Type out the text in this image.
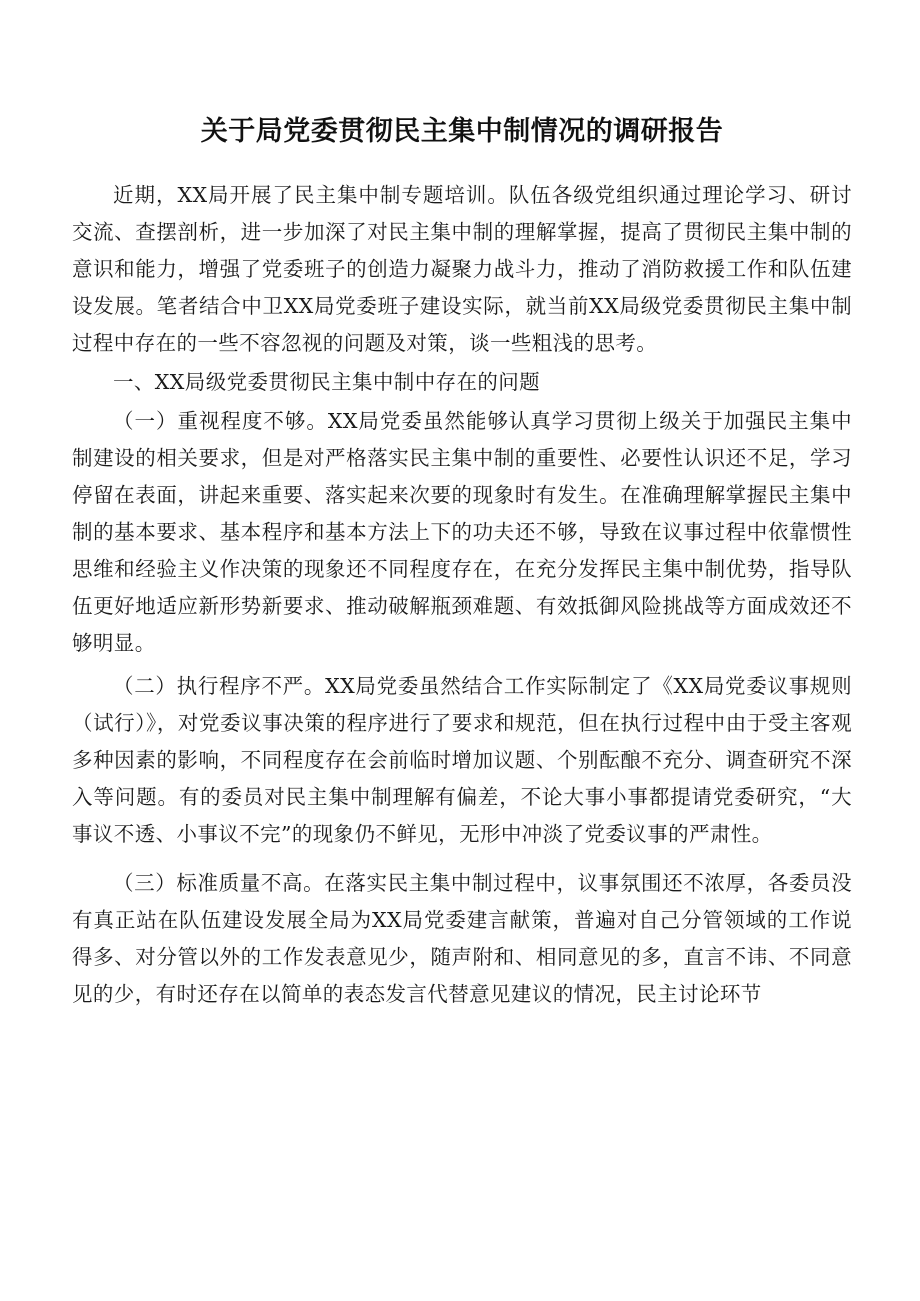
关于局党委贯彻民主集中制情况的调研报告

近期，XX局开展了民主集中制专题培训。队伍各级党组织通过理论学习、研讨交流、查摆剖析，进一步加深了对民主集中制的理解掌握，提高了贯彻民主集中制的意识和能力，增强了党委班子的创造力凝聚力战斗力，推动了消防救援工作和队伍建设发展。笔者结合中卫XX局党委班子建设实际，就当前XX局级党委贯彻民主集中制过程中存在的一些不容忽视的问题及对策，谈一些粗浅的思考。

一、XX局级党委贯彻民主集中制中存在的问题

（一）重视程度不够。XX局党委虽然能够认真学习贯彻上级关于加强民主集中制建设的相关要求，但是对严格落实民主集中制的重要性、必要性认识还不足，学习停留在表面，讲起来重要、落实起来次要的现象时有发生。在准确理解掌握民主集中制的基本要求、基本程序和基本方法上下的功夫还不够，导致在议事过程中依靠惯性思维和经验主义作决策的现象还不同程度存在，在充分发挥民主集中制优势，指导队伍更好地适应新形势新要求、推动破解瓶颈难题、有效抵御风险挑战等方面成效还不够明显。

（二）执行程序不严。XX局党委虽然结合工作实际制定了《XX局党委议事规则（试行）》，对党委议事决策的程序进行了要求和规范，但在执行过程中由于受主客观多种因素的影响，不同程度存在会前临时增加议题、个别酝酿不充分、调查研究不深入等问题。有的委员对民主集中制理解有偏差，不论大事小事都提请党委研究，“大事议不透、小事议不完”的现象仍不鲜见，无形中冲淡了党委议事的严肃性。

（三）标准质量不高。在落实民主集中制过程中，议事氛围还不浓厚，各委员没有真正站在队伍建设发展全局为XX局党委建言献策，普遍对自己分管领域的工作说得多、对分管以外的工作发表意见少，随声附和、相同意见的多，直言不讳、不同意见的少，有时还存在以简单的表态发言代替意见建议的情况，民主讨论环节
